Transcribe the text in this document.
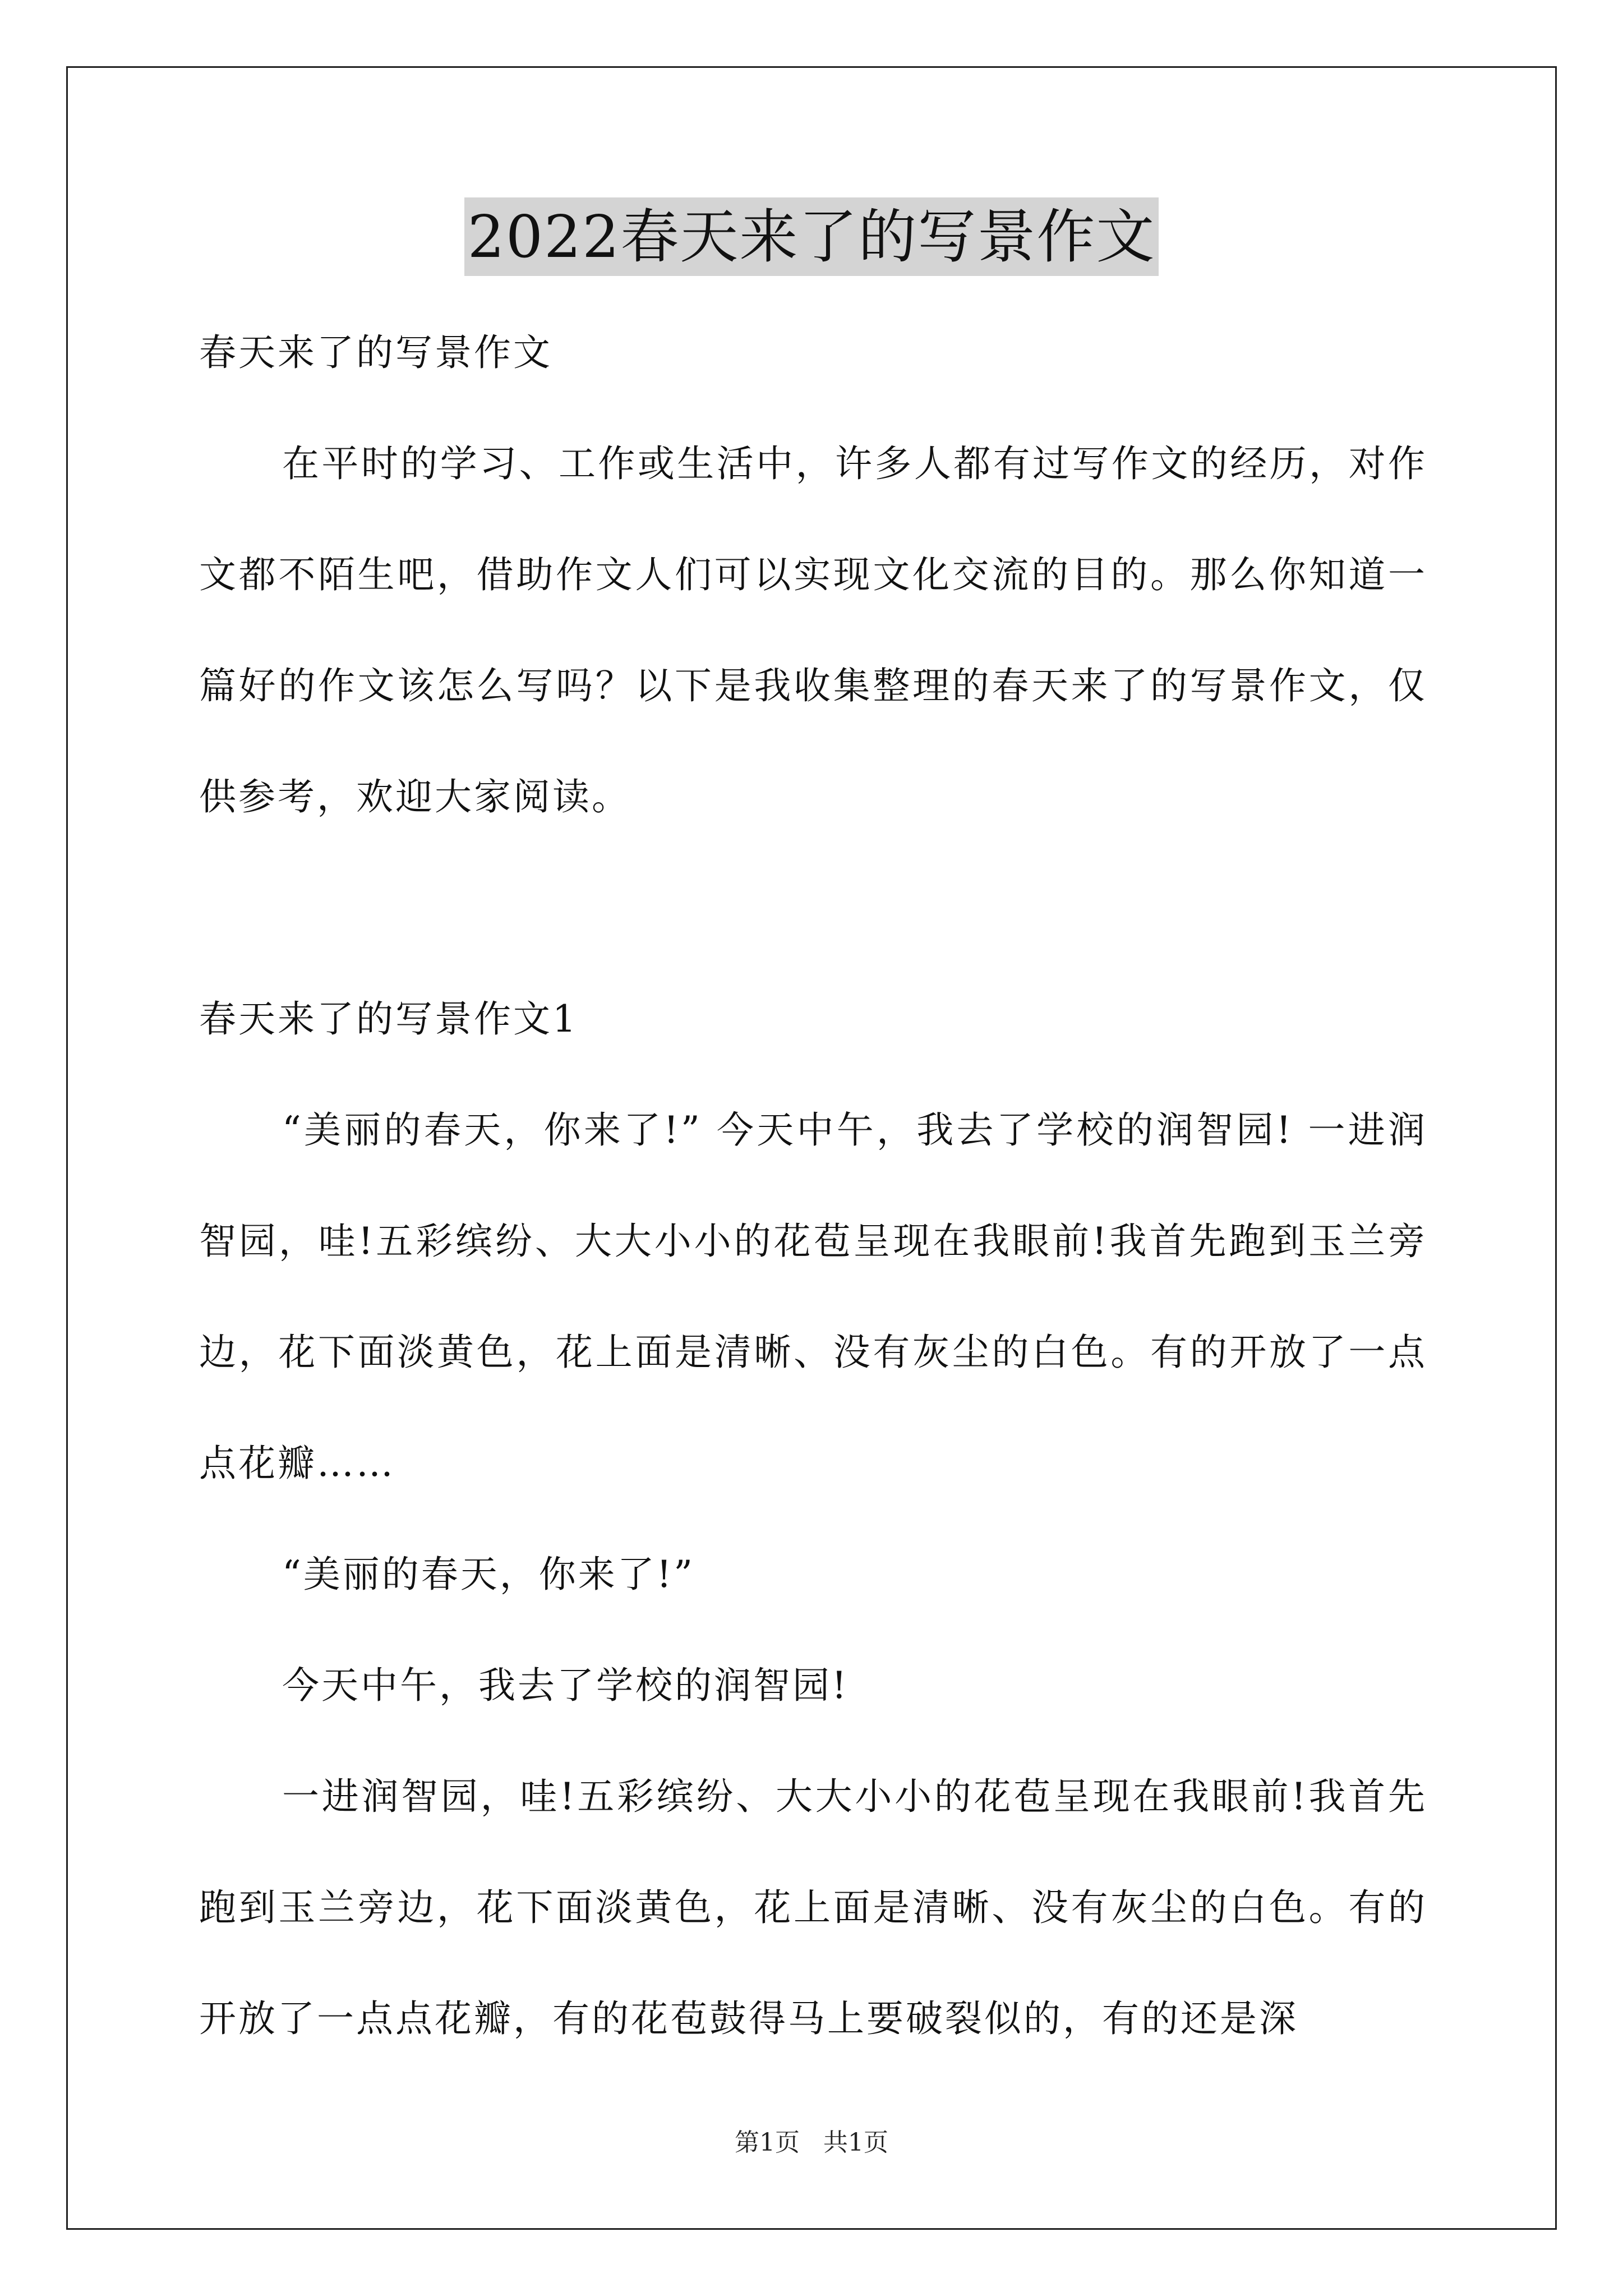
2022春天来了的写景作文

春天来了的写景作文

在平时的学习、工作或生活中，许多人都有过写作文的经历，对作文都不陌生吧，借助作文人们可以实现文化交流的目的。那么你知道一篇好的作文该怎么写吗？以下是我收集整理的春天来了的写景作文，仅供参考，欢迎大家阅读。

春天来了的写景作文1

“美丽的春天，你来了!” 今天中午，我去了学校的润智园! 一进润智园，哇!五彩缤纷、大大小小的花苞呈现在我眼前!我首先跑到玉兰旁边，花下面淡黄色，花上面是清晰、没有灰尘的白色。有的开放了一点点花瓣……

“美丽的春天，你来了!”

今天中午，我去了学校的润智园!

一进润智园，哇!五彩缤纷、大大小小的花苞呈现在我眼前!我首先跑到玉兰旁边，花下面淡黄色，花上面是清晰、没有灰尘的白色。有的开放了一点点花瓣，有的花苞鼓得马上要破裂似的，有的还是深

第1页 共1页
